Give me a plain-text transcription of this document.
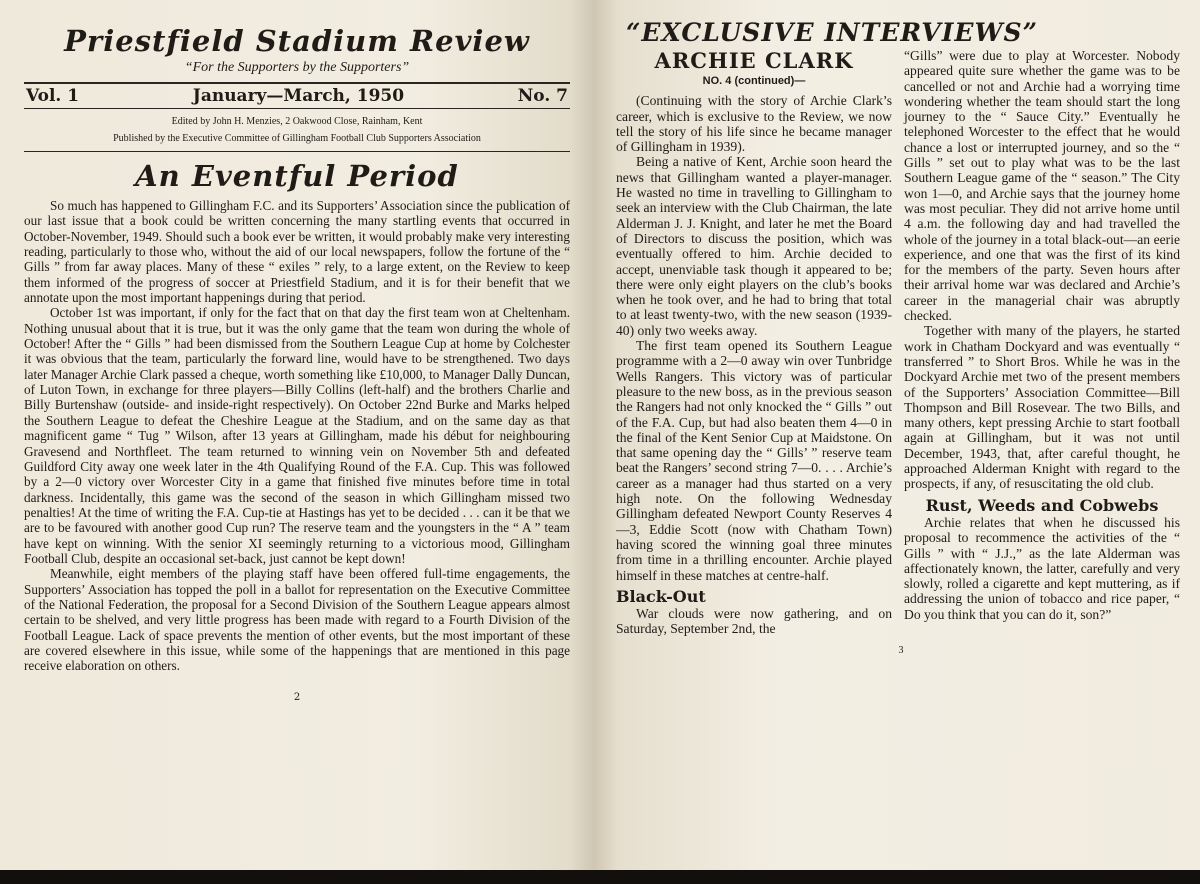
Priestfield Stadium Review
“For the Supporters by the Supporters”
Vol. 1	January—March, 1950	No. 7
Edited by John H. Menzies, 2 Oakwood Close, Rainham, Kent
Published by the Executive Committee of Gillingham Football Club Supporters Association
An Eventful Period

So much has happened to Gillingham F.C. and its Supporters’ Association since the publication of our last issue that a book could be written concerning the many startling events that occurred in October-November, 1949. Should such a book ever be written, it would probably make very interesting reading, particularly to those who, without the aid of our local newspapers, follow the fortune of the “ Gills ” from far away places. Many of these “ exiles ” rely, to a large extent, on the Review to keep them informed of the progress of soccer at Priestfield Stadium, and it is for their benefit that we annotate upon the most important happenings during that period.

October 1st was important, if only for the fact that on that day the first team won at Cheltenham. Nothing unusual about that it is true, but it was the only game that the team won during the whole of October! After the “ Gills ” had been dismissed from the Southern League Cup at home by Colchester it was obvious that the team, particularly the forward line, would have to be strengthened. Two days later Manager Archie Clark passed a cheque, worth something like £10,000, to Manager Dally Duncan, of Luton Town, in exchange for three players—Billy Collins (left-half) and the brothers Charlie and Billy Burtenshaw (outside- and inside-right respectively). On October 22nd Burke and Marks helped the Southern League to defeat the Cheshire League at the Stadium, and on the same day as that magnificent game “ Tug ” Wilson, after 13 years at Gillingham, made his début for neighbouring Gravesend and Northfleet. The team returned to winning vein on November 5th and defeated Guildford City away one week later in the 4th Qualifying Round of the F.A. Cup. This was followed by a 2—0 victory over Worcester City in a game that finished five minutes before time in total darkness. Incidentally, this game was the second of the season in which Gillingham missed two penalties! At the time of writing the F.A. Cup-tie at Hastings has yet to be decided . . . can it be that we are to be favoured with another good Cup run? The reserve team and the youngsters in the “ A ” team have kept on winning. With the senior XI seemingly returning to a victorious mood, Gillingham Football Club, despite an occasional set-back, just cannot be kept down!

Meanwhile, eight members of the playing staff have been offered full-time engagements, the Supporters’ Association has topped the poll in a ballot for representation on the Executive Committee of the National Federation, the proposal for a Second Division of the Southern League appears almost certain to be shelved, and very little progress has been made with regard to a Fourth Division of the Football League. Lack of space prevents the mention of other events, but the most important of these are covered elsewhere in this issue, while some of the happenings that are mentioned in this page receive elaboration on others.

2
“EXCLUSIVE INTERVIEWS”
ARCHIE CLARK
NO. 4 (continued)—

(Continuing with the story of Archie Clark’s career, which is exclusive to the Review, we now tell the story of his life since he became manager of Gillingham in 1939).

Being a native of Kent, Archie soon heard the news that Gillingham wanted a player-manager. He wasted no time in travelling to Gillingham to seek an interview with the Club Chairman, the late Alderman J. J. Knight, and later he met the Board of Directors to discuss the position, which was eventually offered to him. Archie decided to accept, unenviable task though it appeared to be; there were only eight players on the club’s books when he took over, and he had to bring that total to at least twenty-two, with the new season (1939-40) only two weeks away.

The first team opened its Southern League programme with a 2—0 away win over Tunbridge Wells Rangers. This victory was of particular pleasure to the new boss, as in the previous season the Rangers had not only knocked the “ Gills ” out of the F.A. Cup, but had also beaten them 4—0 in the final of the Kent Senior Cup at Maidstone. On that same opening day the “ Gills’ ” reserve team beat the Rangers’ second string 7—0. . . . Archie’s career as a manager had thus started on a very high note. On the following Wednesday Gillingham defeated Newport County Reserves 4—3, Eddie Scott (now with Chatham Town) having scored the winning goal three minutes from time in a thrilling encounter. Archie played himself in these matches at centre-half.

Black-Out

War clouds were now gathering, and on Saturday, September 2nd, the

“Gills” were due to play at Worcester. Nobody appeared quite sure whether the game was to be cancelled or not and Archie had a worrying time wondering whether the team should start the long journey to the “ Sauce City.” Eventually he telephoned Worcester to the effect that he would chance a lost or interrupted journey, and so the “ Gills ” set out to play what was to be the last Southern League game of the “ season.” The City won 1—0, and Archie says that the journey home was most peculiar. They did not arrive home until 4 a.m. the following day and had travelled the whole of the journey in a total black-out—an eerie experience, and one that was the first of its kind for the members of the party. Seven hours after their arrival home war was declared and Archie’s career in the managerial chair was abruptly checked.

Together with many of the players, he started work in Chatham Dockyard and was eventually “ transferred ” to Short Bros. While he was in the Dockyard Archie met two of the present members of the Supporters’ Association Committee—Bill Thompson and Bill Rosevear. The two Bills, and many others, kept pressing Archie to start football again at Gillingham, but it was not until December, 1943, that, after careful thought, he approached Alderman Knight with regard to the prospects, if any, of resuscitating the old club.

Rust, Weeds and Cobwebs

Archie relates that when he discussed his proposal to recommence the activities of the “ Gills ” with “ J.J.,” as the late Alderman was affectionately known, the latter, carefully and very slowly, rolled a cigarette and kept muttering, as if addressing the union of tobacco and rice paper, “ Do you think that you can do it, son?”

3
